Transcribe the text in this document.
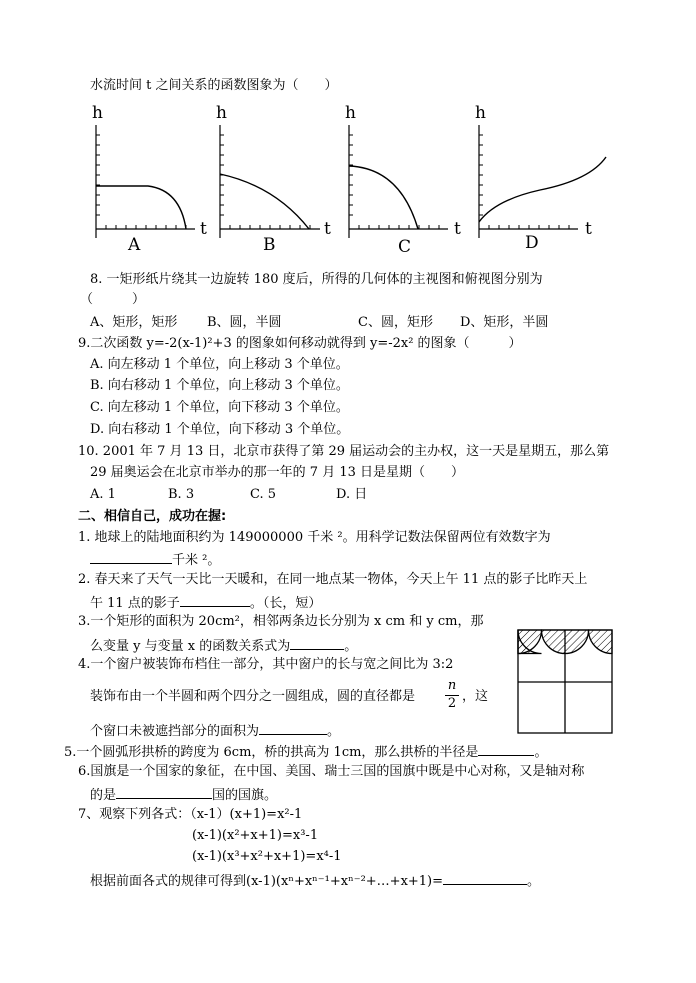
水流时间 t 之间关系的函数图象为（　　）
h
t
A
h
t
B
h
t
C
h
t
D
8. 一矩形纸片绕其一边旋转 180 度后，所得的几何体的主视图和俯视图分别为
（　　　）
A、矩形，矩形 B、圆，半圆	C、圆，矩形 D、矩形，半圆
9.二次函数 y=-2(x-1)²+3 的图象如何移动就得到 y=-2x² 的图象（　　　）
A. 向左移动 1 个单位，向上移动 3 个单位。
B. 向右移动 1 个单位，向上移动 3 个单位。
C. 向左移动 1 个单位，向下移动 3 个单位。
D. 向右移动 1 个单位，向下移动 3 个单位。
10. 2001 年 7 月 13 日，北京市获得了第 29 届运动会的主办权，这一天是星期五，那么第
29 届奥运会在北京市举办的那一年的 7 月 13 日是星期（　　）
A. 1	B. 3	C. 5	D. 日
二、相信自己，成功在握:
1. 地球上的陆地面积约为 149000000 千米 ²。用科学记数法保留两位有效数字为
千米 ²。
2. 春天来了天气一天比一天暖和，在同一地点某一物体，今天上午 11 点的影子比昨天上
午 11 点的影子	。（长，短）
3.一个矩形的面积为 20cm²，相邻两条边长分别为 x cm 和 y cm，那
么变量 y 与变量 x 的函数关系式为	。
4.一个窗户被装饰布档住一部分，其中窗户的长与宽之间比为 3:2
装饰布由一个半圆和两个四分之一圆组成，圆的直径都是
n
2 ，这
个窗口未被遮挡部分的面积为	。
5.一个圆弧形拱桥的跨度为 6cm，桥的拱高为 1cm，那么拱桥的半径是	。
6.国旗是一个国家的象征，在中国、美国、瑞士三国的国旗中既是中心对称，又是轴对称
的是	国的国旗。
7、观察下列各式：（x-1）(x+1)=x²-1
(x-1)(x²+x+1)=x³-1
(x-1)(x³+x²+x+1)=x⁴-1
根据前面各式的规律可得到(x-1)(xⁿ+xⁿ⁻¹+xⁿ⁻²+…+x+1)=	。
